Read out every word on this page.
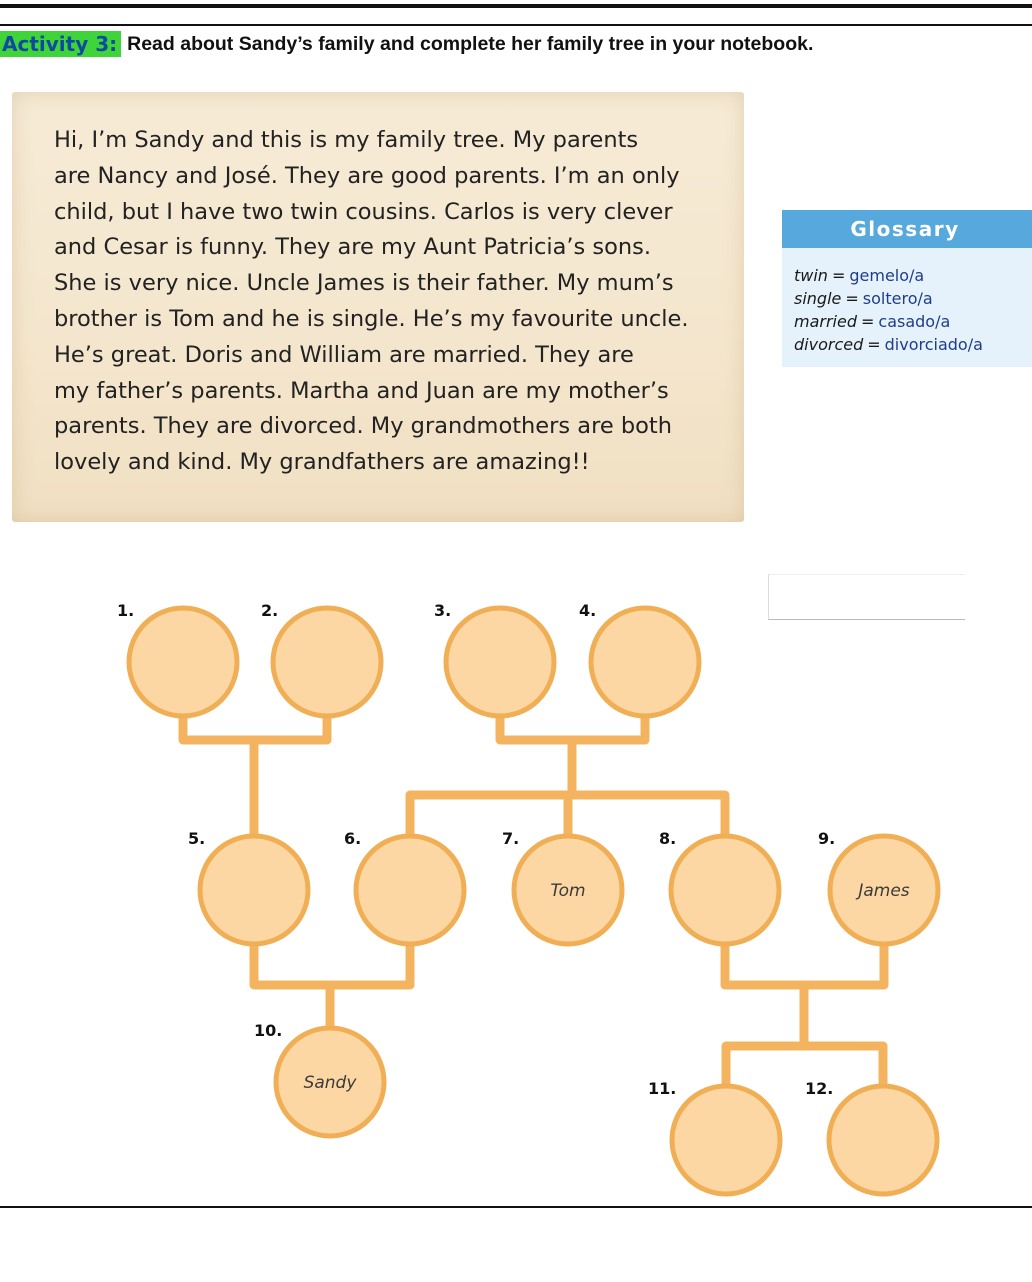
Activity 3: Read about Sandy’s family and complete her family tree in your notebook.

Hi, I’m Sandy and this is my family tree. My parents
are Nancy and José. They are good parents. I’m an only
child, but I have two twin cousins. Carlos is very clever
and Cesar is funny. They are my Aunt Patricia’s sons.
She is very nice. Uncle James is their father. My mum’s
brother is Tom and he is single. He’s my favourite uncle.
He’s great. Doris and William are married. They are
my father’s parents. Martha and Juan are my mother’s
parents. They are divorced. My grandmothers are both
lovely and kind. My grandfathers are amazing!!

Glossary
twin = gemelo/a
single = soltero/a
married = casado/a
divorced = divorciado/a
1.	2.	3.	4.
5.	6.	7.
Tom
8.	9.
James
10.
Sandy	11.	12.
